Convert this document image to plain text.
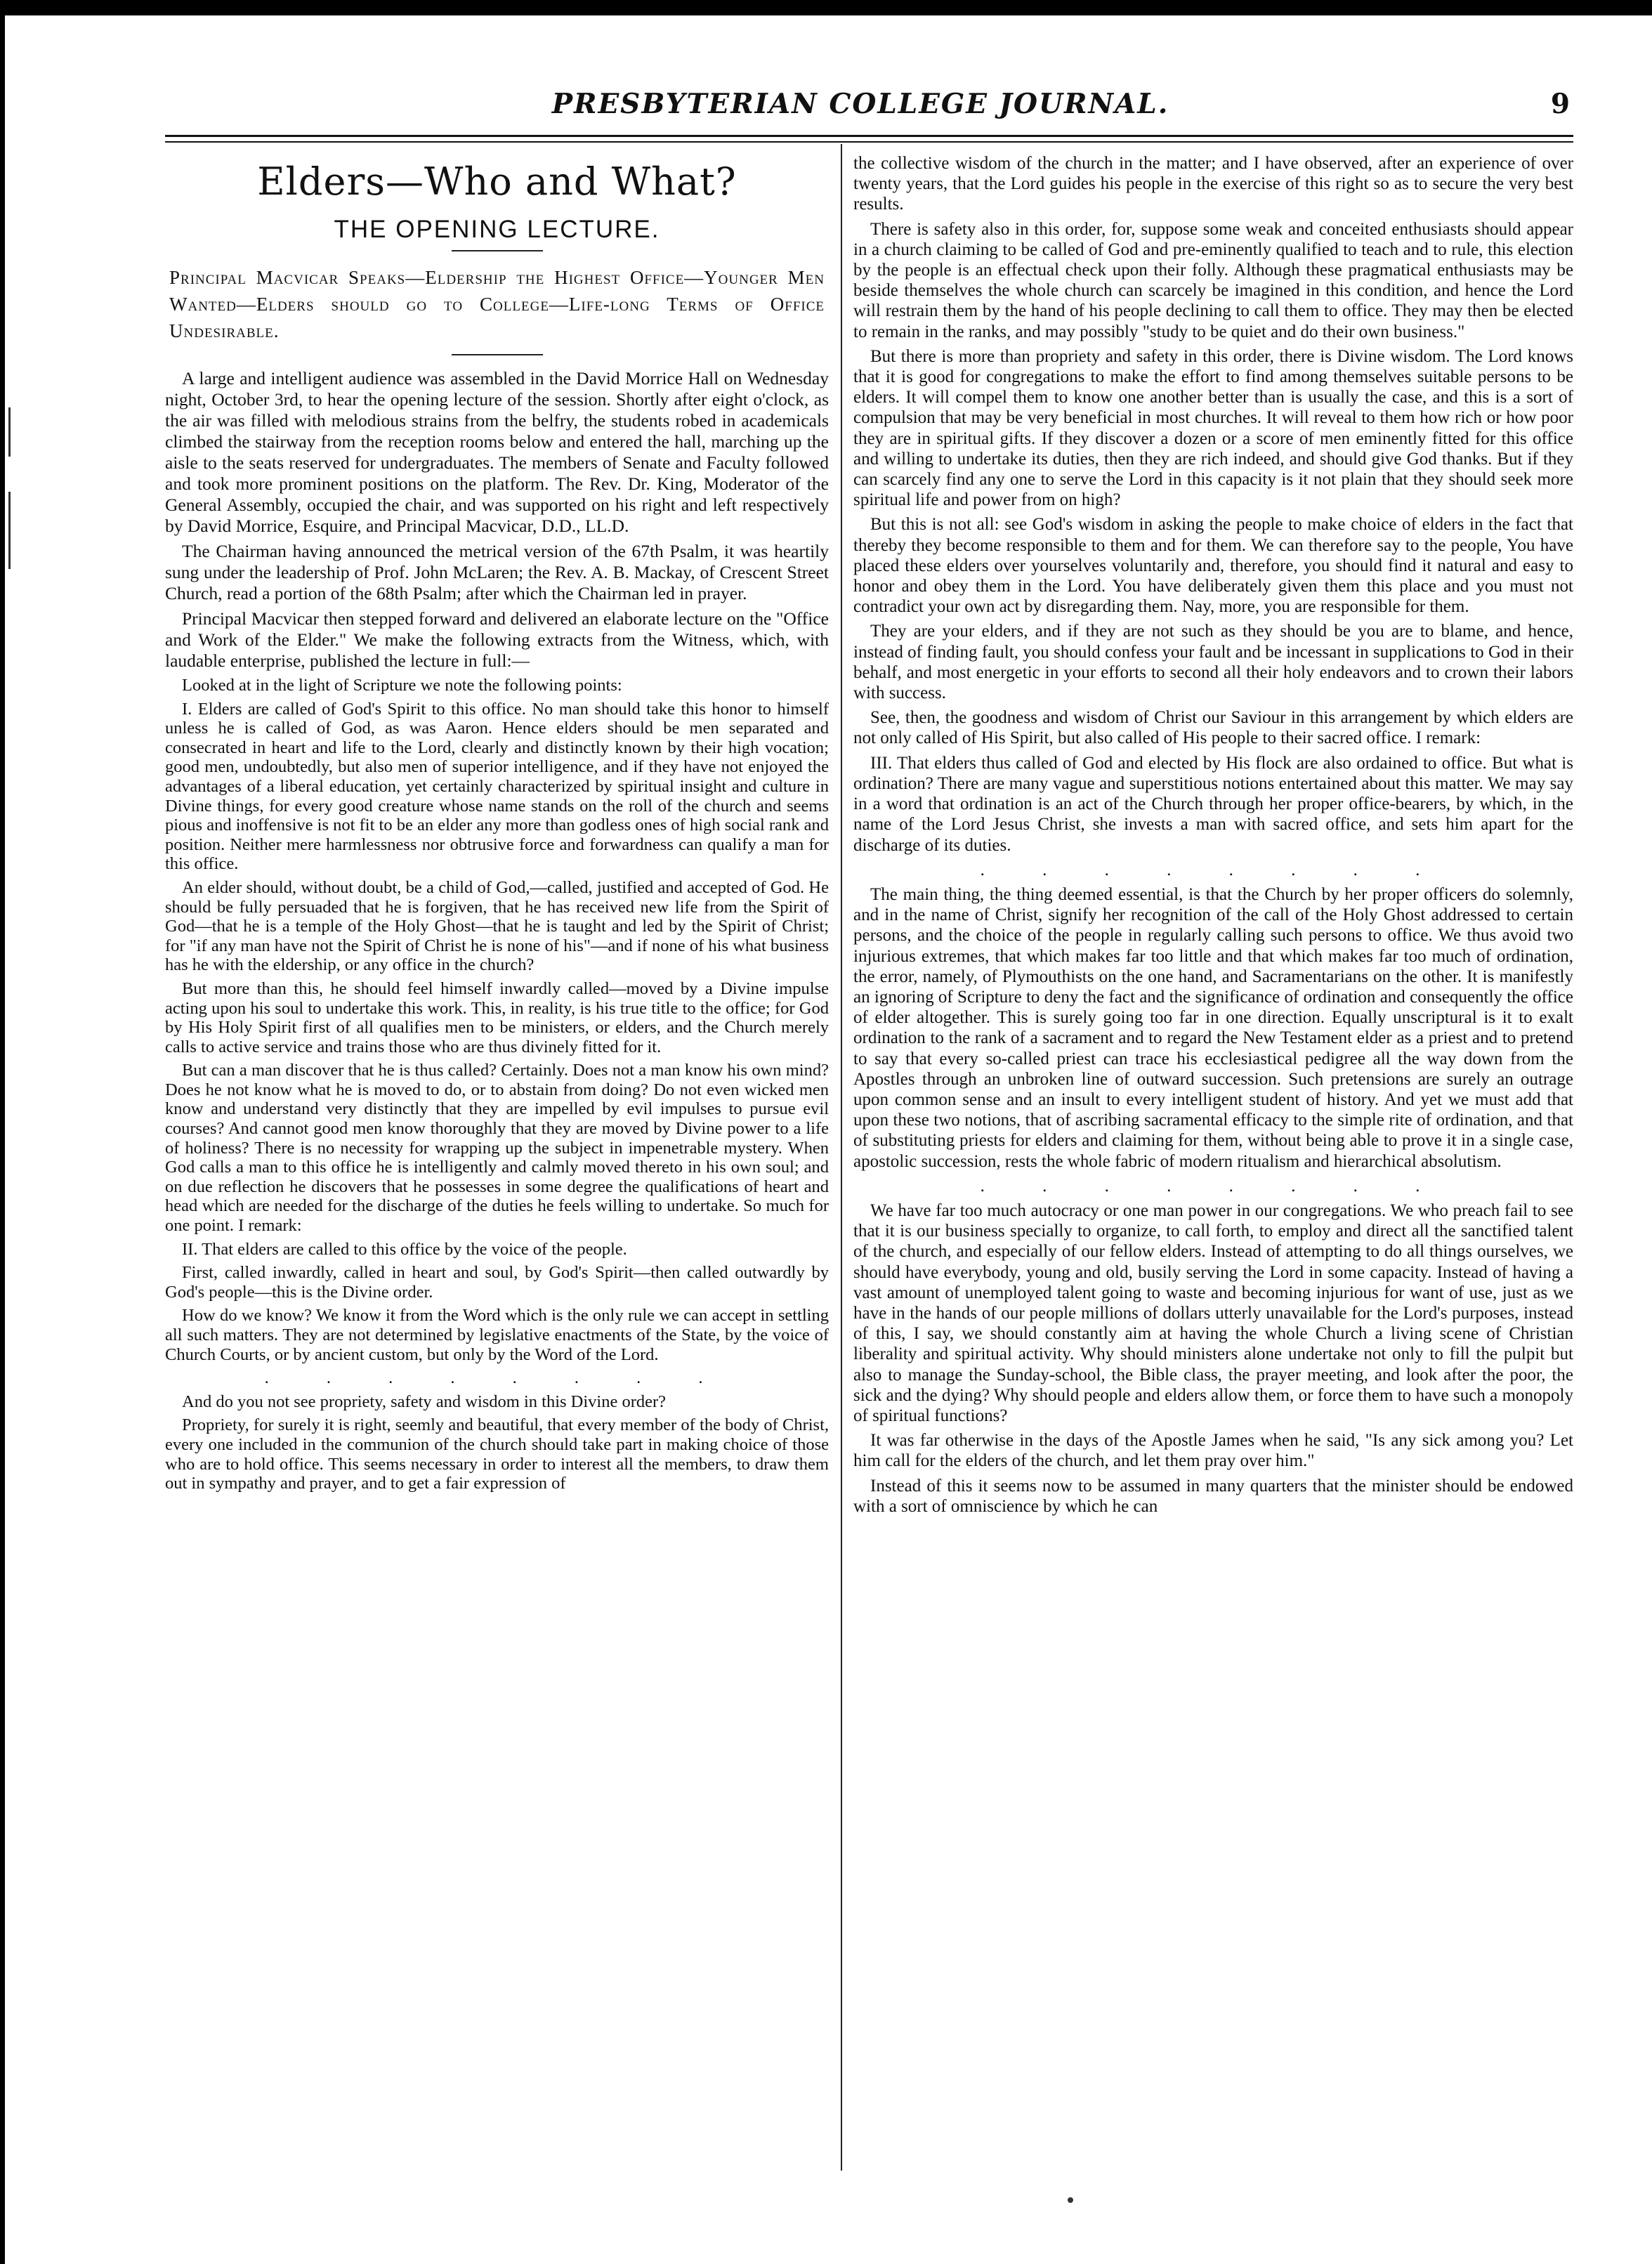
PRESBYTERIAN COLLEGE JOURNAL.	9
Elders—Who and What?
THE OPENING LECTURE.
Principal Macvicar Speaks—Eldership the Highest Office—Younger Men Wanted—Elders should go to College—Life-long Terms of Office Undesirable.

A large and intelligent audience was assembled in the David Morrice Hall on Wednesday night, October 3rd, to hear the opening lecture of the session. Shortly after eight o'clock, as the air was filled with melodious strains from the belfry, the students robed in academicals climbed the stairway from the reception rooms below and entered the hall, marching up the aisle to the seats reserved for undergraduates. The members of Senate and Faculty followed and took more prominent positions on the platform. The Rev. Dr. King, Moderator of the General Assembly, occupied the chair, and was supported on his right and left respectively by David Morrice, Esquire, and Principal Macvicar, D.D., LL.D.

The Chairman having announced the metrical version of the 67th Psalm, it was heartily sung under the leadership of Prof. John McLaren; the Rev. A. B. Mackay, of Crescent Street Church, read a portion of the 68th Psalm; after which the Chairman led in prayer.

Principal Macvicar then stepped forward and delivered an elaborate lecture on the "Office and Work of the Elder." We make the following extracts from the Witness, which, with laudable enterprise, published the lecture in full:—

Looked at in the light of Scripture we note the following points:

I. Elders are called of God's Spirit to this office. No man should take this honor to himself unless he is called of God, as was Aaron. Hence elders should be men separated and consecrated in heart and life to the Lord, clearly and distinctly known by their high vocation; good men, undoubtedly, but also men of superior intelligence, and if they have not enjoyed the advantages of a liberal education, yet certainly characterized by spiritual insight and culture in Divine things, for every good creature whose name stands on the roll of the church and seems pious and inoffensive is not fit to be an elder any more than godless ones of high social rank and position. Neither mere harmlessness nor obtrusive force and forwardness can qualify a man for this office.

An elder should, without doubt, be a child of God,—called, justified and accepted of God. He should be fully persuaded that he is forgiven, that he has received new life from the Spirit of God—that he is a temple of the Holy Ghost—that he is taught and led by the Spirit of Christ; for "if any man have not the Spirit of Christ he is none of his"—and if none of his what business has he with the eldership, or any office in the church?

But more than this, he should feel himself inwardly called—moved by a Divine impulse acting upon his soul to undertake this work. This, in reality, is his true title to the office; for God by His Holy Spirit first of all qualifies men to be ministers, or elders, and the Church merely calls to active service and trains those who are thus divinely fitted for it.

But can a man discover that he is thus called? Certainly. Does not a man know his own mind? Does he not know what he is moved to do, or to abstain from doing? Do not even wicked men know and understand very distinctly that they are impelled by evil impulses to pursue evil courses? And cannot good men know thoroughly that they are moved by Divine power to a life of holiness? There is no necessity for wrapping up the subject in impenetrable mystery. When God calls a man to this office he is intelligently and calmly moved thereto in his own soul; and on due reflection he discovers that he possesses in some degree the qualifications of heart and head which are needed for the discharge of the duties he feels willing to undertake. So much for one point. I remark:

II. That elders are called to this office by the voice of the people.

First, called inwardly, called in heart and soul, by God's Spirit—then called outwardly by God's people—this is the Divine order.

How do we know? We know it from the Word which is the only rule we can accept in settling all such matters. They are not determined by legislative enactments of the State, by the voice of Church Courts, or by ancient custom, but only by the Word of the Lord.

. . . . . . . .

And do you not see propriety, safety and wisdom in this Divine order?

Propriety, for surely it is right, seemly and beautiful, that every member of the body of Christ, every one included in the communion of the church should take part in making choice of those who are to hold office. This seems necessary in order to interest all the members, to draw them out in sympathy and prayer, and to get a fair expression of

the collective wisdom of the church in the matter; and I have observed, after an experience of over twenty years, that the Lord guides his people in the exercise of this right so as to secure the very best results.

There is safety also in this order, for, suppose some weak and conceited enthusiasts should appear in a church claiming to be called of God and pre-eminently qualified to teach and to rule, this election by the people is an effectual check upon their folly. Although these pragmatical enthusiasts may be beside themselves the whole church can scarcely be imagined in this condition, and hence the Lord will restrain them by the hand of his people declining to call them to office. They may then be elected to remain in the ranks, and may possibly "study to be quiet and do their own business."

But there is more than propriety and safety in this order, there is Divine wisdom. The Lord knows that it is good for congregations to make the effort to find among themselves suitable persons to be elders. It will compel them to know one another better than is usually the case, and this is a sort of compulsion that may be very beneficial in most churches. It will reveal to them how rich or how poor they are in spiritual gifts. If they discover a dozen or a score of men eminently fitted for this office and willing to undertake its duties, then they are rich indeed, and should give God thanks. But if they can scarcely find any one to serve the Lord in this capacity is it not plain that they should seek more spiritual life and power from on high?

But this is not all: see God's wisdom in asking the people to make choice of elders in the fact that thereby they become responsible to them and for them. We can therefore say to the people, You have placed these elders over yourselves voluntarily and, therefore, you should find it natural and easy to honor and obey them in the Lord. You have deliberately given them this place and you must not contradict your own act by disregarding them. Nay, more, you are responsible for them.

They are your elders, and if they are not such as they should be you are to blame, and hence, instead of finding fault, you should confess your fault and be incessant in supplications to God in their behalf, and most energetic in your efforts to second all their holy endeavors and to crown their labors with success.

See, then, the goodness and wisdom of Christ our Saviour in this arrangement by which elders are not only called of His Spirit, but also called of His people to their sacred office. I remark:

III. That elders thus called of God and elected by His flock are also ordained to office. But what is ordination? There are many vague and superstitious notions entertained about this matter. We may say in a word that ordination is an act of the Church through her proper office-bearers, by which, in the name of the Lord Jesus Christ, she invests a man with sacred office, and sets him apart for the discharge of its duties.

. . . . . . . .

The main thing, the thing deemed essential, is that the Church by her proper officers do solemnly, and in the name of Christ, signify her recognition of the call of the Holy Ghost addressed to certain persons, and the choice of the people in regularly calling such persons to office. We thus avoid two injurious extremes, that which makes far too little and that which makes far too much of ordination, the error, namely, of Plymouthists on the one hand, and Sacramentarians on the other. It is manifestly an ignoring of Scripture to deny the fact and the significance of ordination and consequently the office of elder altogether. This is surely going too far in one direction. Equally unscriptural is it to exalt ordination to the rank of a sacrament and to regard the New Testament elder as a priest and to pretend to say that every so-called priest can trace his ecclesiastical pedigree all the way down from the Apostles through an unbroken line of outward succession. Such pretensions are surely an outrage upon common sense and an insult to every intelligent student of history. And yet we must add that upon these two notions, that of ascribing sacramental efficacy to the simple rite of ordination, and that of substituting priests for elders and claiming for them, without being able to prove it in a single case, apostolic succession, rests the whole fabric of modern ritualism and hierarchical absolutism.

. . . . . . . .

We have far too much autocracy or one man power in our congregations. We who preach fail to see that it is our business specially to organize, to call forth, to employ and direct all the sanctified talent of the church, and especially of our fellow elders. Instead of attempting to do all things ourselves, we should have everybody, young and old, busily serving the Lord in some capacity. Instead of having a vast amount of unemployed talent going to waste and becoming injurious for want of use, just as we have in the hands of our people millions of dollars utterly unavailable for the Lord's purposes, instead of this, I say, we should constantly aim at having the whole Church a living scene of Christian liberality and spiritual activity. Why should ministers alone undertake not only to fill the pulpit but also to manage the Sunday-school, the Bible class, the prayer meeting, and look after the poor, the sick and the dying? Why should people and elders allow them, or force them to have such a monopoly of spiritual functions?

It was far otherwise in the days of the Apostle James when he said, "Is any sick among you? Let him call for the elders of the church, and let them pray over him."

Instead of this it seems now to be assumed in many quarters that the minister should be endowed with a sort of omniscience by which he can
